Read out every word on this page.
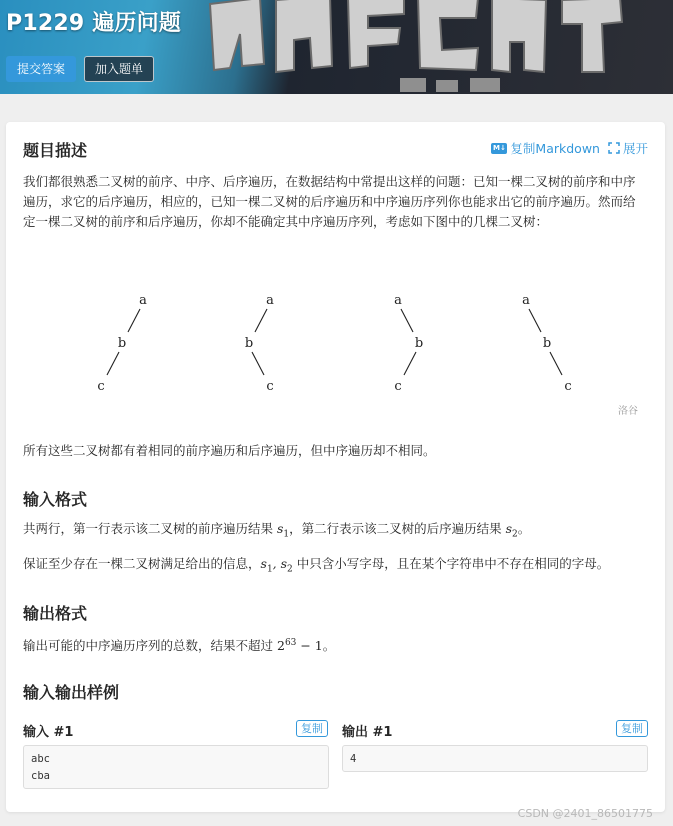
P1229 遍历问题
提交答案	加入题单
题目描述	M↓ 复制Markdown 展开
我们都很熟悉二叉树的前序、中序、后序遍历，在数据结构中常提出这样的问题：已知一棵二叉树的前序和中序遍历，求它的后序遍历，相应的，已知一棵二叉树的后序遍历和中序遍历序列你也能求出它的前序遍历。然而给定一棵二叉树的前序和后序遍历，你却不能确定其中序遍历序列，考虑如下图中的几棵二叉树：
a
b
c
a
b
c
a
b
c
a
b
c
洛谷
所有这些二叉树都有着相同的前序遍历和后序遍历，但中序遍历却不相同。
输入格式
共两行，第一行表示该二叉树的前序遍历结果 $s_1$，第二行表示该二叉树的后序遍历结果 $s_2$。
保证至少存在一棵二叉树满足给出的信息，$s_1$, $s_2$ 中只含小写字母，且在某个字符串中不存在相同的字母。
输出格式
输出可能的中序遍历序列的总数，结果不超过 $2^{63} - 1$。
输入输出样例
输入 #1	复制
abc
cba
输出 #1	复制
4
CSDN @2401_86501775
